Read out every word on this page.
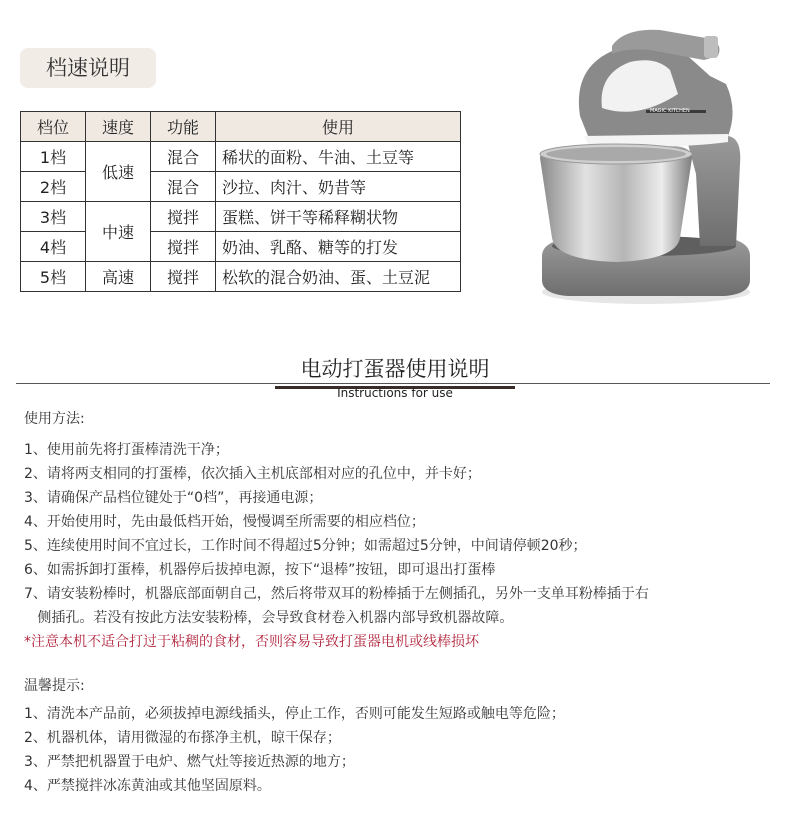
档速说明
档位	速度	功能	使用
1档	低速	混合	稀状的面粉、牛油、土豆等
2档		混合	沙拉、肉汁、奶昔等
3档	中速	搅拌	蛋糕、饼干等稀释糊状物
4档		搅拌	奶油、乳酪、糖等的打发
5档	高速	搅拌	松软的混合奶油、蛋、土豆泥
MAGIC KITCHEN
电动打蛋器使用说明
Instructions for use
使用方法:
1、使用前先将打蛋棒清洗干净；
2、请将两支相同的打蛋棒，依次插入主机底部相对应的孔位中，并卡好；
3、请确保产品档位键处于“0档”，再接通电源；
4、开始使用时，先由最低档开始，慢慢调至所需要的相应档位；
5、连续使用时间不宜过长，工作时间不得超过5分钟；如需超过5分钟，中间请停顿20秒；
6、如需拆卸打蛋棒，机器停后拔掉电源，按下“退棒”按钮，即可退出打蛋棒
7、请安装粉棒时，机器底部面朝自己，然后将带双耳的粉棒插于左侧插孔，另外一支单耳粉棒插于右
侧插孔。若没有按此方法安装粉棒，会导致食材卷入机器内部导致机器故障。
*注意本机不适合打过于粘稠的食材，否则容易导致打蛋器电机或线棒损坏
温馨提示:
1、清洗本产品前，必须拔掉电源线插头，停止工作，否则可能发生短路或触电等危险；
2、机器机体，请用微湿的布搽净主机，晾干保存；
3、严禁把机器置于电炉、燃气灶等接近热源的地方；
4、严禁搅拌冰冻黄油或其他坚固原料。
